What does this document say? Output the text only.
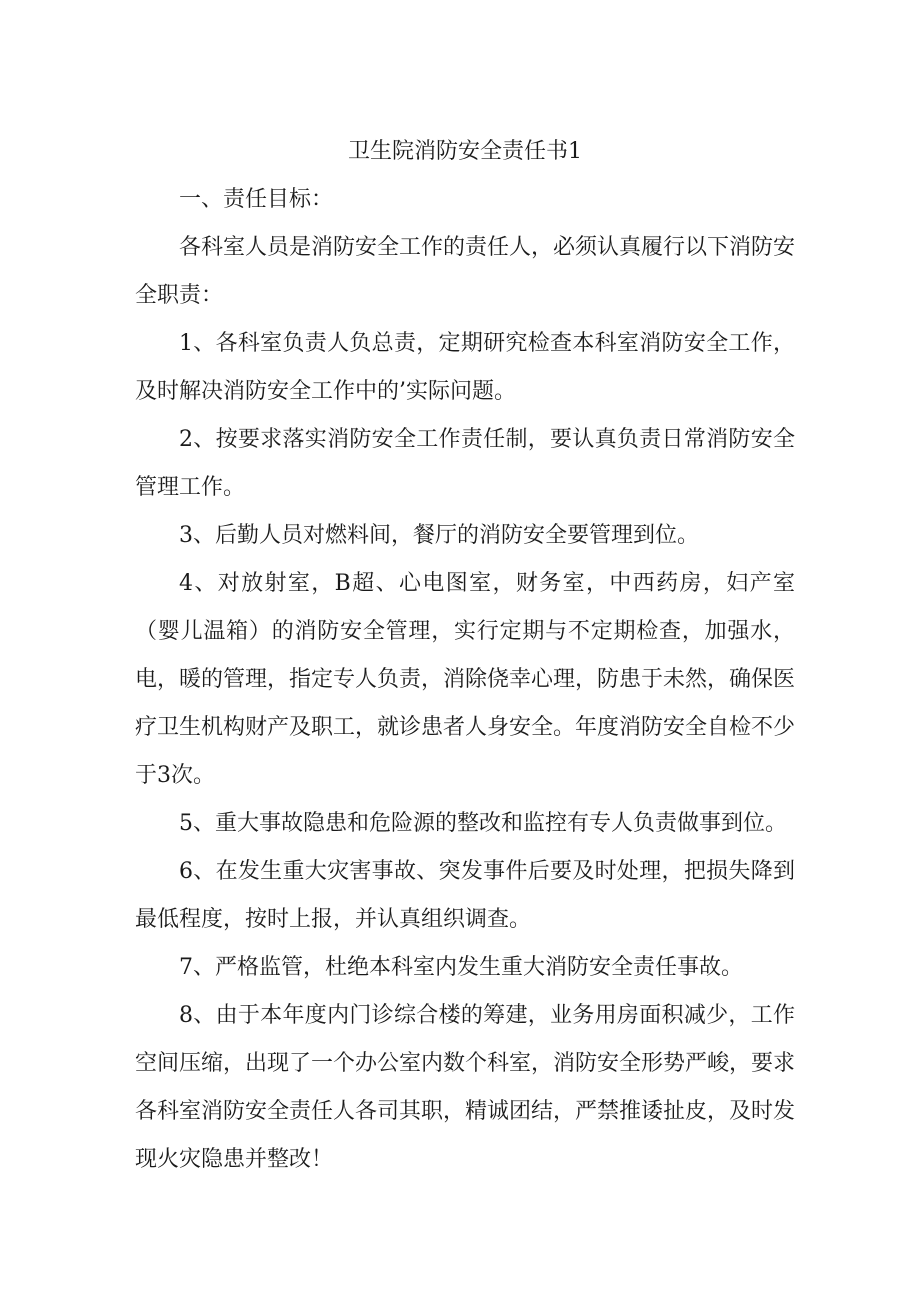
卫生院消防安全责任书1

一、责任目标：

各科室人员是消防安全工作的责任人，必须认真履行以下消防安全职责：

1、各科室负责人负总责，定期研究检查本科室消防安全工作，及时解决消防安全工作中的’实际问题。

2、按要求落实消防安全工作责任制，要认真负责日常消防安全管理工作。

3、后勤人员对燃料间，餐厅的消防安全要管理到位。

4、对放射室，B超、心电图室，财务室，中西药房，妇产室（婴儿温箱）的消防安全管理，实行定期与不定期检查，加强水，电，暖的管理，指定专人负责，消除侥幸心理，防患于未然，确保医疗卫生机构财产及职工，就诊患者人身安全。年度消防安全自检不少于3次。

5、重大事故隐患和危险源的整改和监控有专人负责做事到位。

6、在发生重大灾害事故、突发事件后要及时处理，把损失降到最低程度，按时上报，并认真组织调查。

7、严格监管，杜绝本科室内发生重大消防安全责任事故。

8、由于本年度内门诊综合楼的筹建，业务用房面积减少，工作空间压缩，出现了一个办公室内数个科室，消防安全形势严峻，要求各科室消防安全责任人各司其职，精诚团结，严禁推诿扯皮，及时发现火灾隐患并整改！
